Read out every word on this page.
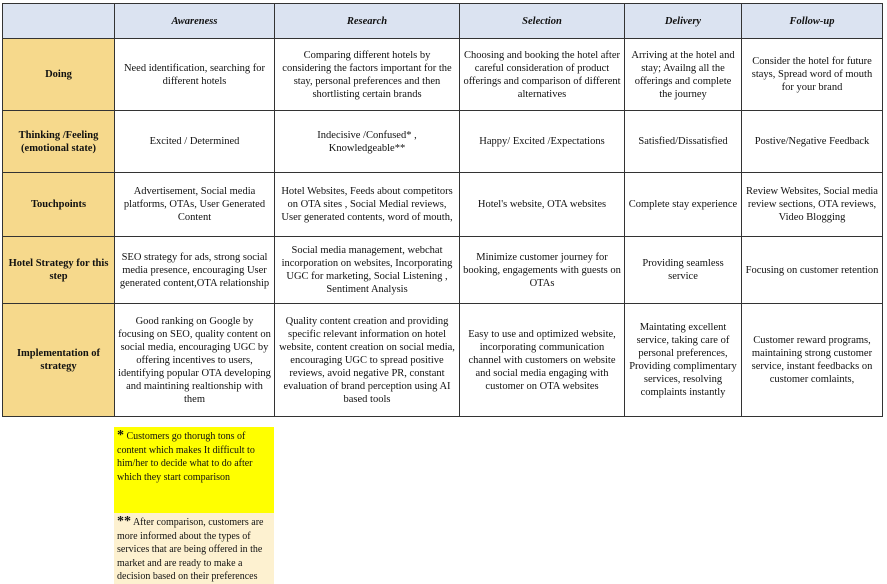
	Awareness	Research	Selection	Delivery	Follow-up
Doing	Need identification, searching for different hotels	Comparing different hotels by considering the factors important for the stay, personal preferences and then shortlisting certain brands	Choosing and booking the hotel after careful consideration of product offerings and comparison of different alternatives	Arriving at the hotel and stay; Availng all the offerings and complete the journey	Consider the hotel for future stays, Spread word of mouth for your brand
Thinking /Feeling (emotional state)	Excited / Determined	Indecisive /Confused* , Knowledgeable**	Happy/ Excited /Expectations	Satisfied/Dissatisfied	Postive/Negative Feedback
Touchpoints	Advertisement, Social media platforms, OTAs, User Generated Content	Hotel Websites, Feeds about competitors on OTA sites , Social Medial reviews, User generated contents, word of mouth,	Hotel's website, OTA websites	Complete stay experience	Review Websites, Social media review sections, OTA reviews, Video Blogging
Hotel Strategy for this step	SEO strategy for ads, strong social media presence, encouraging User generated content,OTA relationship	Social media management, webchat incorporation on websites, Incorporating UGC for marketing, Social Listening , Sentiment Analysis	Minimize customer journey for booking, engagements with guests on OTAs	Providing seamless service	Focusing on customer retention
Implementation of strategy	Good ranking on Google by focusing on SEO, quality content on social media, encouraging UGC by offering incentives to users, identifying popular OTA developing and maintining realtionship with them	Quality content creation and providing specific relevant information on hotel website, content creation on social media, encouraging UGC to spread positive reviews, avoid negative PR, constant evaluation of brand perception using AI based tools	Easy to use and optimized website, incorporating communication channel with customers on website and social media engaging with customer on OTA websites	Maintating excellent service, taking care of personal preferences, Providing complimentary services, resolving complaints instantly	Customer reward programs, maintaining strong customer service, instant feedbacks on customer comlaints,
* Customers go thorugh tons of content which makes It difficult to him/her to decide what to do after which they start comparison
** After comparison, customers are more informed about the types of services that are being offered in the market and are ready to make a decision based on their preferences
